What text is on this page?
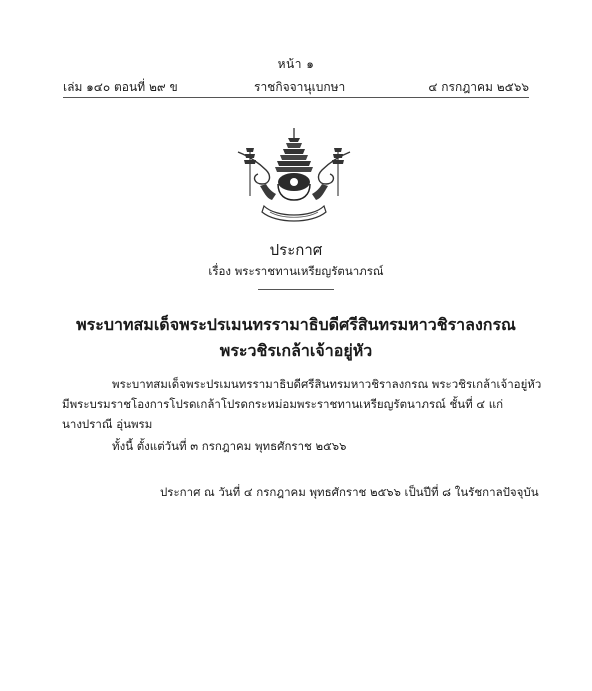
หน้า ๑
เล่ม ๑๔๐ ตอนที่ ๒๙ ข	ราชกิจจานุเบกษา	๔ กรกฎาคม ๒๕๖๖
ประกาศ
เรื่อง พระราชทานเหรียญรัตนาภรณ์
พระบาทสมเด็จพระปรเมนทรรามาธิบดีศรีสินทรมหาวชิราลงกรณ
พระวชิรเกล้าเจ้าอยู่หัว
พระบาทสมเด็จพระปรเมนทรรามาธิบดีศรีสินทรมหาวชิราลงกรณ พระวชิรเกล้าเจ้าอยู่หัว
มีพระบรมราชโองการโปรดเกล้าโปรดกระหม่อมพระราชทานเหรียญรัตนาภรณ์ ชั้นที่ ๔ แก่
นางปราณี อุ่นพรม
ทั้งนี้ ตั้งแต่วันที่ ๓ กรกฎาคม พุทธศักราช ๒๕๖๖
ประกาศ ณ วันที่ ๔ กรกฎาคม พุทธศักราช ๒๕๖๖ เป็นปีที่ ๘ ในรัชกาลปัจจุบัน
